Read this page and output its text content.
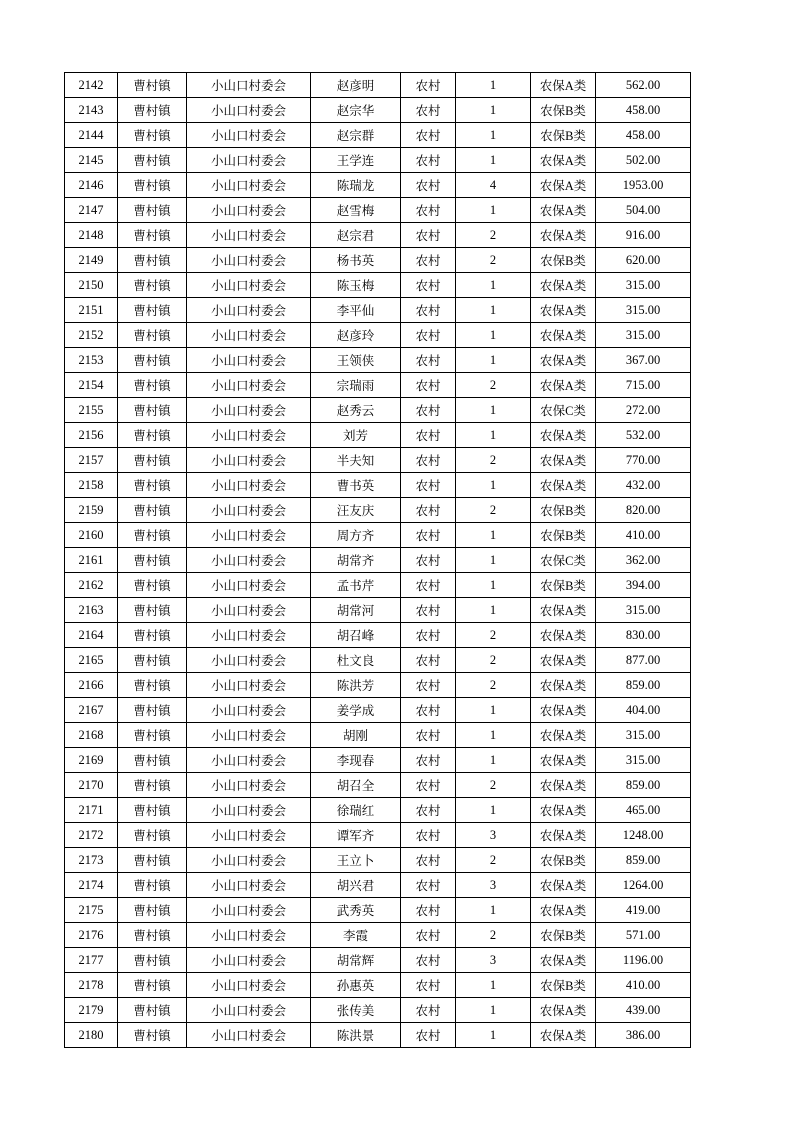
2142	曹村镇	小山口村委会	赵彦明	农村	1	农保A类	562.00
2143	曹村镇	小山口村委会	赵宗华	农村	1	农保B类	458.00
2144	曹村镇	小山口村委会	赵宗群	农村	1	农保B类	458.00
2145	曹村镇	小山口村委会	王学连	农村	1	农保A类	502.00
2146	曹村镇	小山口村委会	陈瑞龙	农村	4	农保A类	1953.00
2147	曹村镇	小山口村委会	赵雪梅	农村	1	农保A类	504.00
2148	曹村镇	小山口村委会	赵宗君	农村	2	农保A类	916.00
2149	曹村镇	小山口村委会	杨书英	农村	2	农保B类	620.00
2150	曹村镇	小山口村委会	陈玉梅	农村	1	农保A类	315.00
2151	曹村镇	小山口村委会	李平仙	农村	1	农保A类	315.00
2152	曹村镇	小山口村委会	赵彦玲	农村	1	农保A类	315.00
2153	曹村镇	小山口村委会	王领侠	农村	1	农保A类	367.00
2154	曹村镇	小山口村委会	宗瑞雨	农村	2	农保A类	715.00
2155	曹村镇	小山口村委会	赵秀云	农村	1	农保C类	272.00
2156	曹村镇	小山口村委会	刘芳	农村	1	农保A类	532.00
2157	曹村镇	小山口村委会	半夫知	农村	2	农保A类	770.00
2158	曹村镇	小山口村委会	曹书英	农村	1	农保A类	432.00
2159	曹村镇	小山口村委会	汪友庆	农村	2	农保B类	820.00
2160	曹村镇	小山口村委会	周方齐	农村	1	农保B类	410.00
2161	曹村镇	小山口村委会	胡常齐	农村	1	农保C类	362.00
2162	曹村镇	小山口村委会	孟书芹	农村	1	农保B类	394.00
2163	曹村镇	小山口村委会	胡常河	农村	1	农保A类	315.00
2164	曹村镇	小山口村委会	胡召峰	农村	2	农保A类	830.00
2165	曹村镇	小山口村委会	杜文良	农村	2	农保A类	877.00
2166	曹村镇	小山口村委会	陈洪芳	农村	2	农保A类	859.00
2167	曹村镇	小山口村委会	姜学成	农村	1	农保A类	404.00
2168	曹村镇	小山口村委会	胡刚	农村	1	农保A类	315.00
2169	曹村镇	小山口村委会	李现春	农村	1	农保A类	315.00
2170	曹村镇	小山口村委会	胡召全	农村	2	农保A类	859.00
2171	曹村镇	小山口村委会	徐瑞红	农村	1	农保A类	465.00
2172	曹村镇	小山口村委会	谭军齐	农村	3	农保A类	1248.00
2173	曹村镇	小山口村委会	王立卜	农村	2	农保B类	859.00
2174	曹村镇	小山口村委会	胡兴君	农村	3	农保A类	1264.00
2175	曹村镇	小山口村委会	武秀英	农村	1	农保A类	419.00
2176	曹村镇	小山口村委会	李霞	农村	2	农保B类	571.00
2177	曹村镇	小山口村委会	胡常辉	农村	3	农保A类	1196.00
2178	曹村镇	小山口村委会	孙惠英	农村	1	农保B类	410.00
2179	曹村镇	小山口村委会	张传美	农村	1	农保A类	439.00
2180	曹村镇	小山口村委会	陈洪景	农村	1	农保A类	386.00
